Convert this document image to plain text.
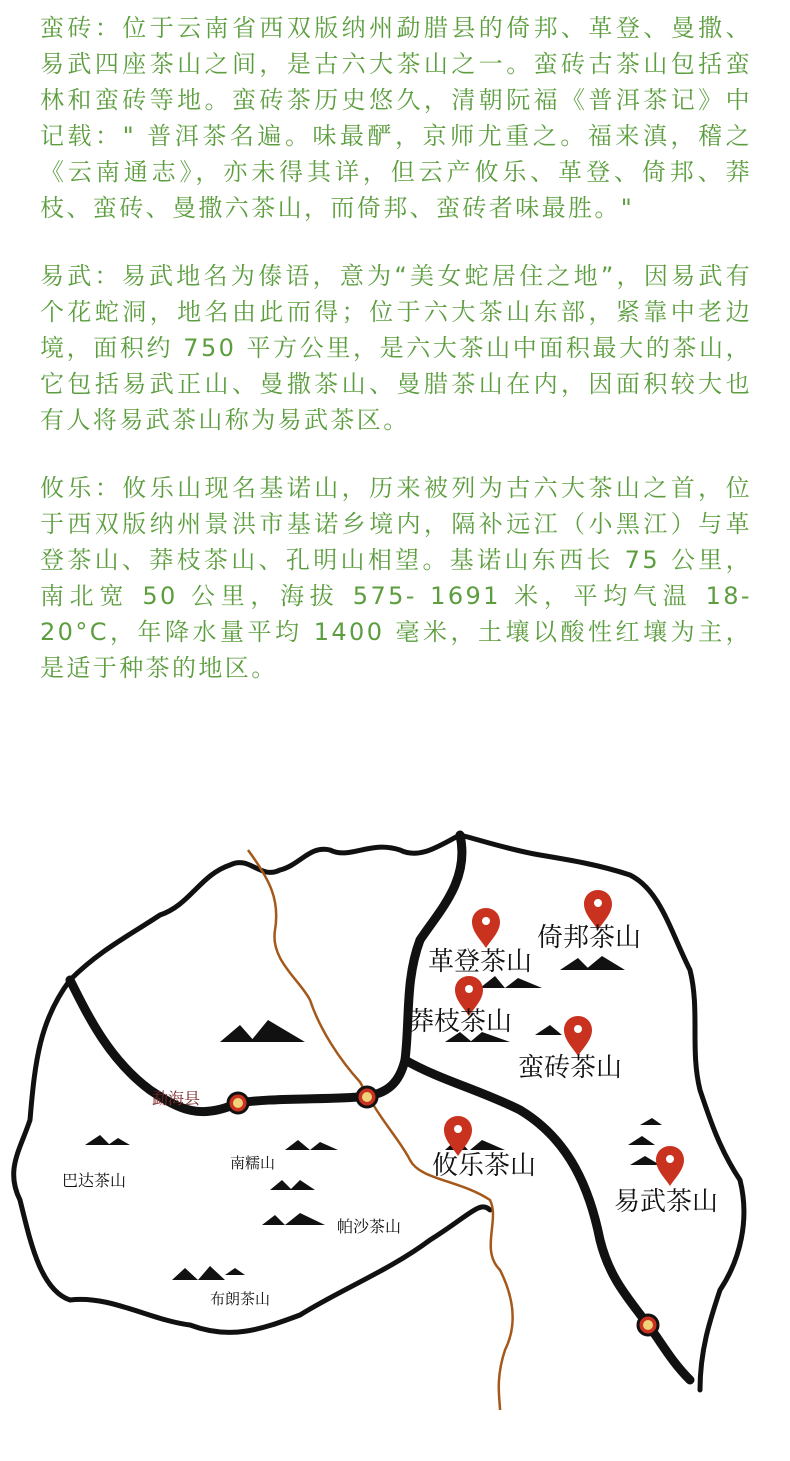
蛮砖：位于云南省西双版纳州勐腊县的倚邦、革登、曼撒、易武四座茶山之间，是古六大茶山之一。蛮砖古茶山包括蛮林和蛮砖等地。蛮砖茶历史悠久，清朝阮福《普洱茶记》中记载：" 普洱茶名遍。味最酽，京师尤重之。福来滇，稽之《云南通志》，亦未得其详，但云产攸乐、革登、倚邦、莽枝、蛮砖、曼撒六茶山，而倚邦、蛮砖者味最胜。"

易武：易武地名为傣语，意为“美女蛇居住之地”，因易武有个花蛇洞，地名由此而得；位于六大茶山东部，紧靠中老边境，面积约 750 平方公里，是六大茶山中面积最大的茶山，它包括易武正山、曼撒茶山、曼腊茶山在内，因面积较大也有人将易武茶山称为易武茶区。

攸乐：攸乐山现名基诺山，历来被列为古六大茶山之首，位于西双版纳州景洪市基诺乡境内，隔补远江（小黑江）与革登茶山、莽枝茶山、孔明山相望。基诺山东西长 75 公里，南北宽 50 公里，海拔 575- 1691 米，平均气温 18-20°C，年降水量平均 1400 毫米，土壤以酸性红壤为主，是适于种茶的地区。

革登茶山
倚邦茶山
莽枝茶山
蛮砖茶山
攸乐茶山
易武茶山
勐海县
巴达茶山
南糯山
帕沙茶山
布朗茶山
